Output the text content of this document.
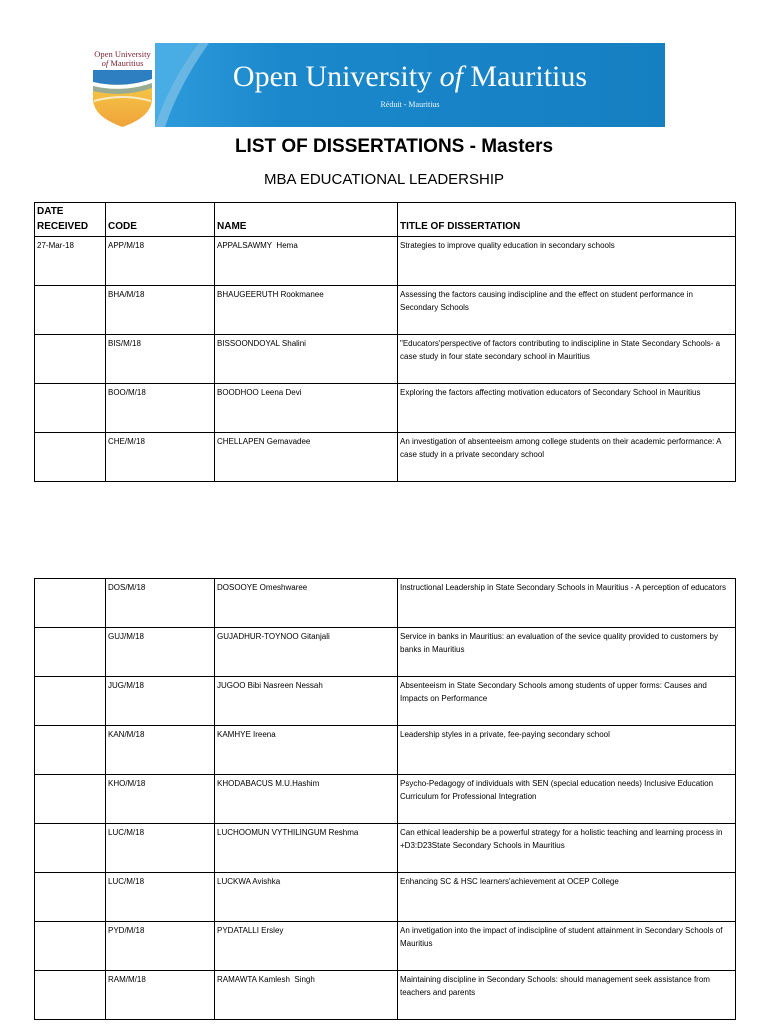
Open University
of Mauritius	Open University of Mauritius
Réduit - Mauritius
LIST OF DISSERTATIONS - Masters
MBA EDUCATIONAL LEADERSHIP
DATE RECEIVED	CODE	NAME	TITLE OF DISSERTATION
27-Mar-18	APP/M/18	APPALSAWMY  Hema	Strategies to improve quality education in secondary schools
	BHA/M/18	BHAUGEERUTH Rookmanee	Assessing the factors causing indiscipline and the effect on student performance in Secondary Schools
	BIS/M/18	BISSOONDOYAL Shalini	"Educators'perspective of factors contributing to indiscipline in State Secondary Schools- a case study in four state secondary school in Mauritius
	BOO/M/18	BOODHOO Leena Devi	Exploring the factors affecting motivation educators of Secondary School in Mauritius
	CHE/M/18	CHELLAPEN Gemavadee	An investigation of absenteeism among college students on their academic performance: A case study in a private secondary school
	DOS/M/18	DOSOOYE Omeshwaree	Instructional Leadership in State Secondary Schools in Mauritius - A perception of educators
	GUJ/M/18	GUJADHUR-TOYNOO Gitanjali	Service in banks in Mauritius: an evaluation of the sevice quality provided to customers by banks in Mauritius
	JUG/M/18	JUGOO Bibi Nasreen Nessah	Absenteeism in State Secondary Schools among students of upper forms: Causes and Impacts on Performance
	KAN/M/18	KAMHYE Ireena	Leadership styles in a private, fee-paying secondary school
	KHO/M/18	KHODABACUS M.U.Hashim	Psycho-Pedagogy of individuals with SEN (special education needs) Inclusive Education Curriculum for Professional Integration
	LUC/M/18	LUCHOOMUN VYTHILINGUM Reshma	Can ethical leadership be a powerful strategy for a holistic teaching and learning process in +D3:D23State Secondary Schools in Mauritius
	LUC/M/18	LUCKWA Avishka	Enhancing SC & HSC learners'achievement at OCEP College
	PYD/M/18	PYDATALLI Ersley	An invetigation into the impact of indiscipline of student attainment in Secondary Schools of Mauritius
	RAM/M/18	RAMAWTA Kamlesh  Singh	Maintaining discipline in Secondary Schools: should management seek assistance from teachers and parents
